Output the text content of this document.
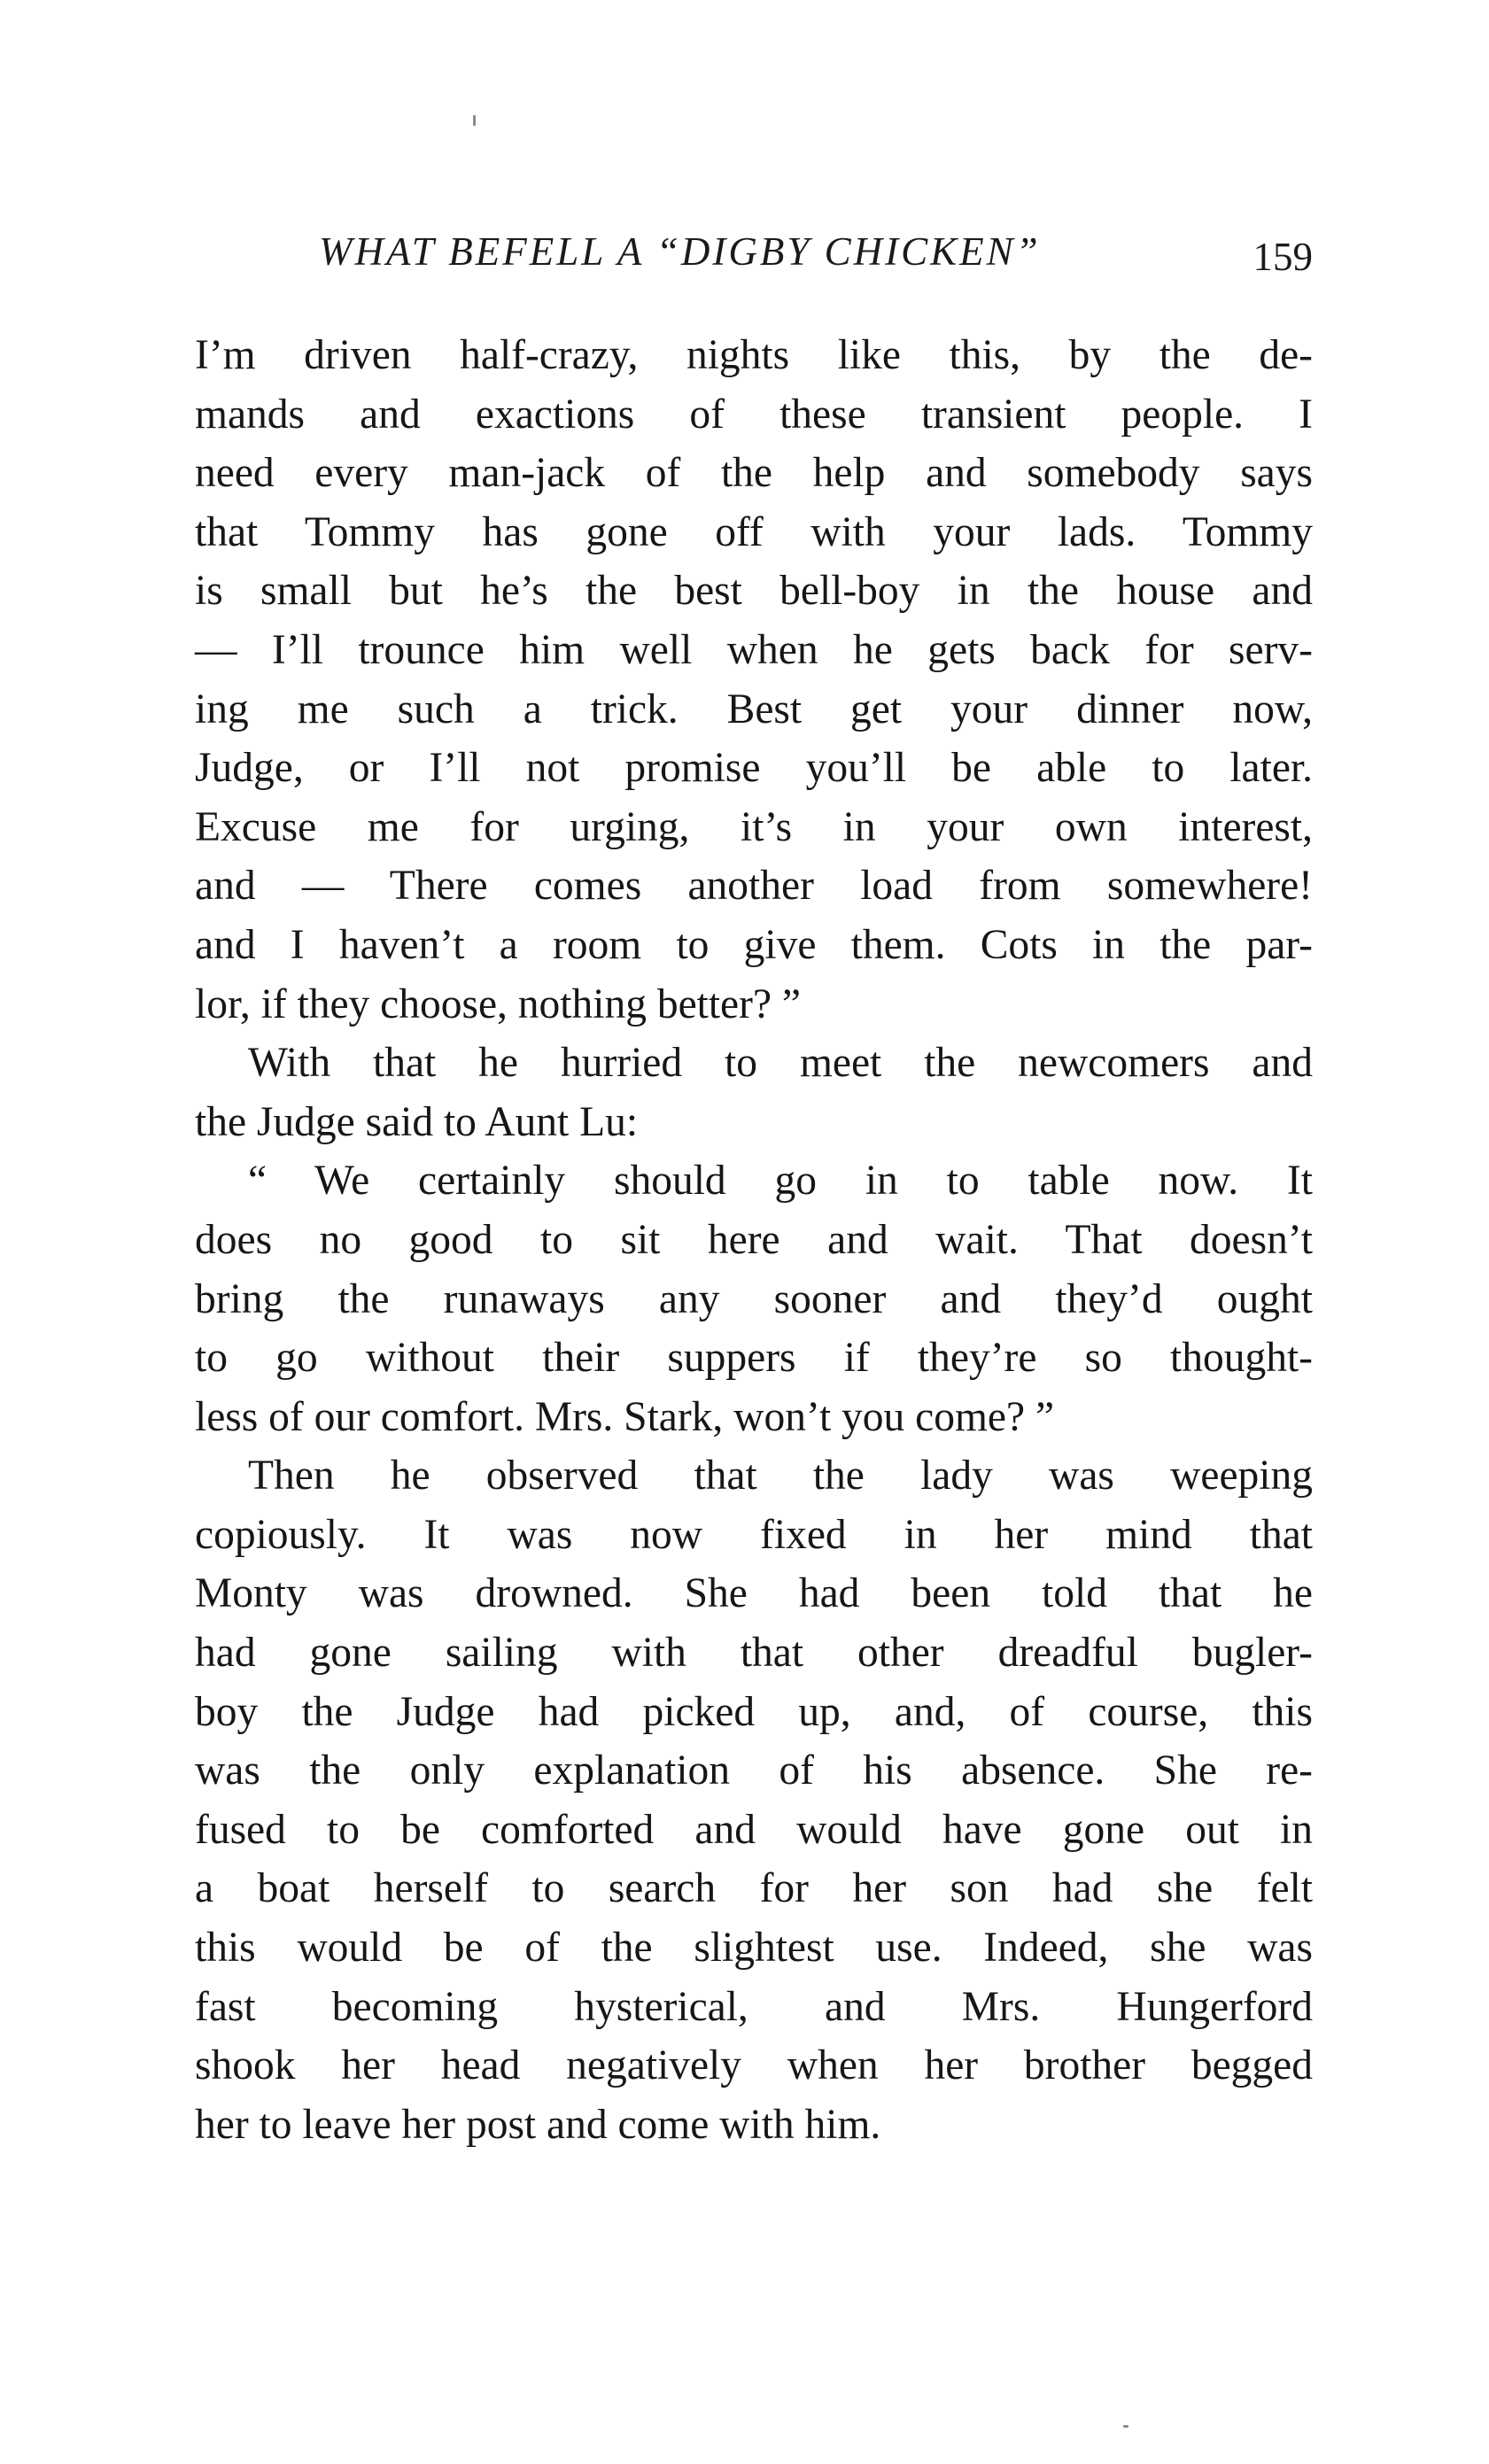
WHAT BEFELL A “DIGBY CHICKEN”	159
I’m driven half-crazy, nights like this, by the de-
mands and exactions of these transient people. I
need every man-jack of the help and somebody says
that Tommy has gone off with your lads. Tommy
is small but he’s the best bell-boy in the house and
— I’ll trounce him well when he gets back for serv-
ing me such a trick. Best get your dinner now,
Judge, or I’ll not promise you’ll be able to later.
Excuse me for urging, it’s in your own interest,
and — There comes another load from somewhere!
and I haven’t a room to give them. Cots in the par-
lor, if they choose, nothing better? ”
With that he hurried to meet the newcomers and
the Judge said to Aunt Lu:
“ We certainly should go in to table now. It
does no good to sit here and wait. That doesn’t
bring the runaways any sooner and they’d ought
to go without their suppers if they’re so thought-
less of our comfort. Mrs. Stark, won’t you come? ”
Then he observed that the lady was weeping
copiously. It was now fixed in her mind that
Monty was drowned. She had been told that he
had gone sailing with that other dreadful bugler-
boy the Judge had picked up, and, of course, this
was the only explanation of his absence. She re-
fused to be comforted and would have gone out in
a boat herself to search for her son had she felt
this would be of the slightest use. Indeed, she was
fast becoming hysterical, and Mrs. Hungerford
shook her head negatively when her brother begged
her to leave her post and come with him.
